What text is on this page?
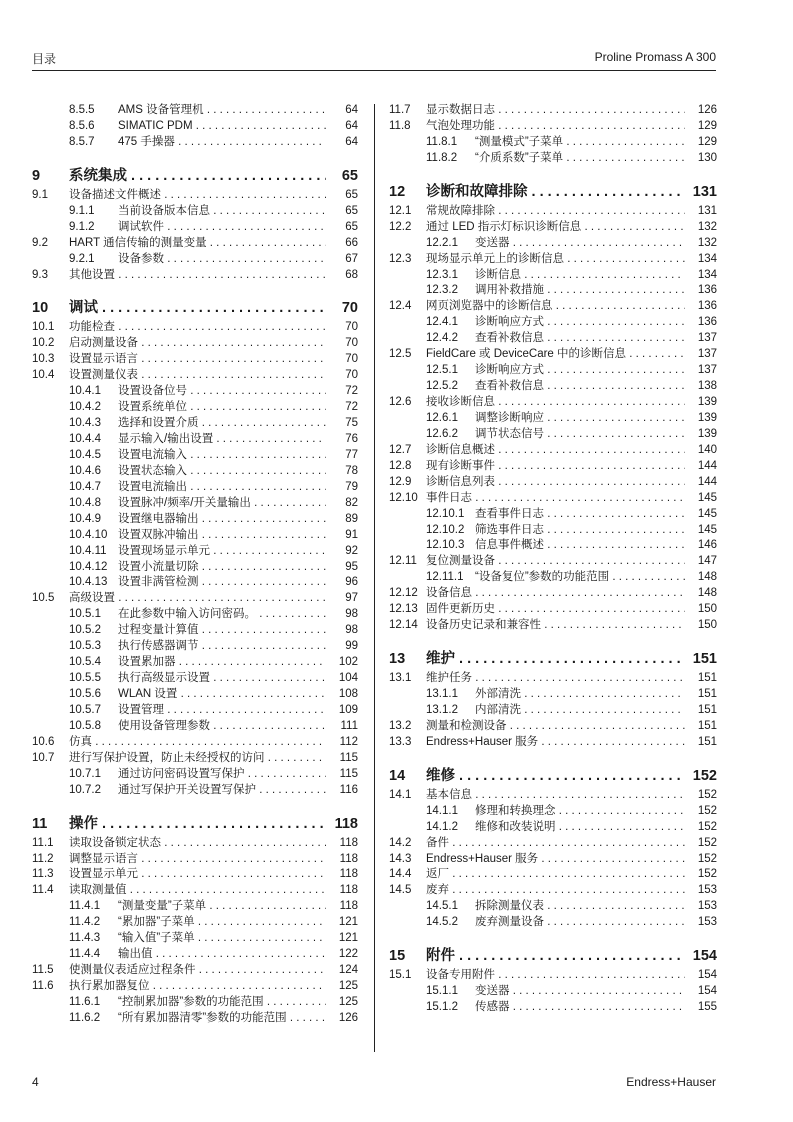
目录	Proline Promass A 300
8.5.5 AMS 设备管理机 . . .	64
8.5.6 SIMATIC PDM . . .	64
8.5.7 475 手操器 . . .	64
9 系统集成 . . .	65
9.1 设备描述文件概述 . . .	65
9.1.1 当前设备版本信息 . . .	65
9.1.2 调试软件 . . .	65
9.2 HART 通信传输的测量变量 . . .	66
9.2.1 设备参数 . . .	67
9.3 其他设置 . . .	68
10 调试 . . .	70
10.1 功能检查 . . .	70
10.2 启动测量设备 . . .	70
10.3 设置显示语言 . . .	70
10.4 设置测量仪表 . . .	70
10.4.1 设置设备位号 . . .	72
10.4.2 设置系统单位 . . .	72
10.4.3 选择和设置介质 . . .	75
10.4.4 显示输入/输出设置 . . .	76
10.4.5 设置电流输入 . . .	77
10.4.6 设置状态输入 . . .	78
10.4.7 设置电流输出 . . .	79
10.4.8 设置脉冲/频率/开关量输出 . . .	82
10.4.9 设置继电器输出 . . .	89
10.4.10 设置双脉冲输出 . . .	91
10.4.11 设置现场显示单元 . . .	92
10.4.12 设置小流量切除 . . .	95
10.4.13 设置非满管检测 . . .	96
10.5 高级设置 . . .	97
10.5.1 在此参数中输入访问密码。 . . .	98
10.5.2 过程变量计算值 . . .	98
10.5.3 执行传感器调节 . . .	99
10.5.4 设置累加器 . . .	102
10.5.5 执行高级显示设置 . . .	104
10.5.6 WLAN 设置 . . .	108
10.5.7 设置管理 . . .	109
10.5.8 使用设备管理参数 . . .	111
10.6 仿真 . . .	112
10.7 进行写保护设置，防止未经授权的访问 . . .	115
10.7.1 通过访问密码设置写保护 . . .	115
10.7.2 通过写保护开关设置写保护 . . .	116
11 操作 . . .	118
11.1 读取设备锁定状态 . . .	118
11.2 调整显示语言 . . .	118
11.3 设置显示单元 . . .	118
11.4 读取测量值 . . .	118
11.4.1 “测量变量”子菜单 . . .	118
11.4.2 “累加器”子菜单 . . .	121
11.4.3 “输入值”子菜单 . . .	121
11.4.4 输出值 . . .	122
11.5 使测量仪表适应过程条件 . . .	124
11.6 执行累加器复位 . . .	125
11.6.1 “控制累加器”参数的功能范围 . . .	125
11.6.2 “所有累加器清零”参数的功能范围 . . .	126
11.7 显示数据日志 . . .	126
11.8 气泡处理功能 . . .	129
11.8.1 “测量模式”子菜单 . . .	129
11.8.2 “介质系数”子菜单 . . .	130
12 诊断和故障排除 . . .	131
12.1 常规故障排除 . . .	131
12.2 通过 LED 指示灯标识诊断信息 . . .	132
12.2.1 变送器 . . .	132
12.3 现场显示单元上的诊断信息 . . .	134
12.3.1 诊断信息 . . .	134
12.3.2 调用补救措施 . . .	136
12.4 网页浏览器中的诊断信息 . . .	136
12.4.1 诊断响应方式 . . .	136
12.4.2 查看补救信息 . . .	137
12.5 FieldCare 或 DeviceCare 中的诊断信息 . . .	137
12.5.1 诊断响应方式 . . .	137
12.5.2 查看补救信息 . . .	138
12.6 接收诊断信息 . . .	139
12.6.1 调整诊断响应 . . .	139
12.6.2 调节状态信号 . . .	139
12.7 诊断信息概述 . . .	140
12.8 现有诊断事件 . . .	144
12.9 诊断信息列表 . . .	144
12.10 事件日志 . . .	145
12.10.1 查看事件日志 . . .	145
12.10.2 筛选事件日志 . . .	145
12.10.3 信息事件概述 . . .	146
12.11 复位测量设备 . . .	147
12.11.1 “设备复位”参数的功能范围 . . .	148
12.12 设备信息 . . .	148
12.13 固件更新历史 . . .	150
12.14 设备历史记录和兼容性 . . .	150
13 维护 . . .	151
13.1 维护任务 . . .	151
13.1.1 外部清洗 . . .	151
13.1.2 内部清洗 . . .	151
13.2 测量和检测设备 . . .	151
13.3 Endress+Hauser 服务 . . .	151
14 维修 . . .	152
14.1 基本信息 . . .	152
14.1.1 修理和转换理念 . . .	152
14.1.2 维修和改装说明 . . .	152
14.2 备件 . . .	152
14.3 Endress+Hauser 服务 . . .	152
14.4 返厂 . . .	152
14.5 废弃 . . .	153
14.5.1 拆除测量仪表 . . .	153
14.5.2 废弃测量设备 . . .	153
15 附件 . . .	154
15.1 设备专用附件 . . .	154
15.1.1 变送器 . . .	154
15.1.2 传感器 . . .	155
4	Endress+Hauser
